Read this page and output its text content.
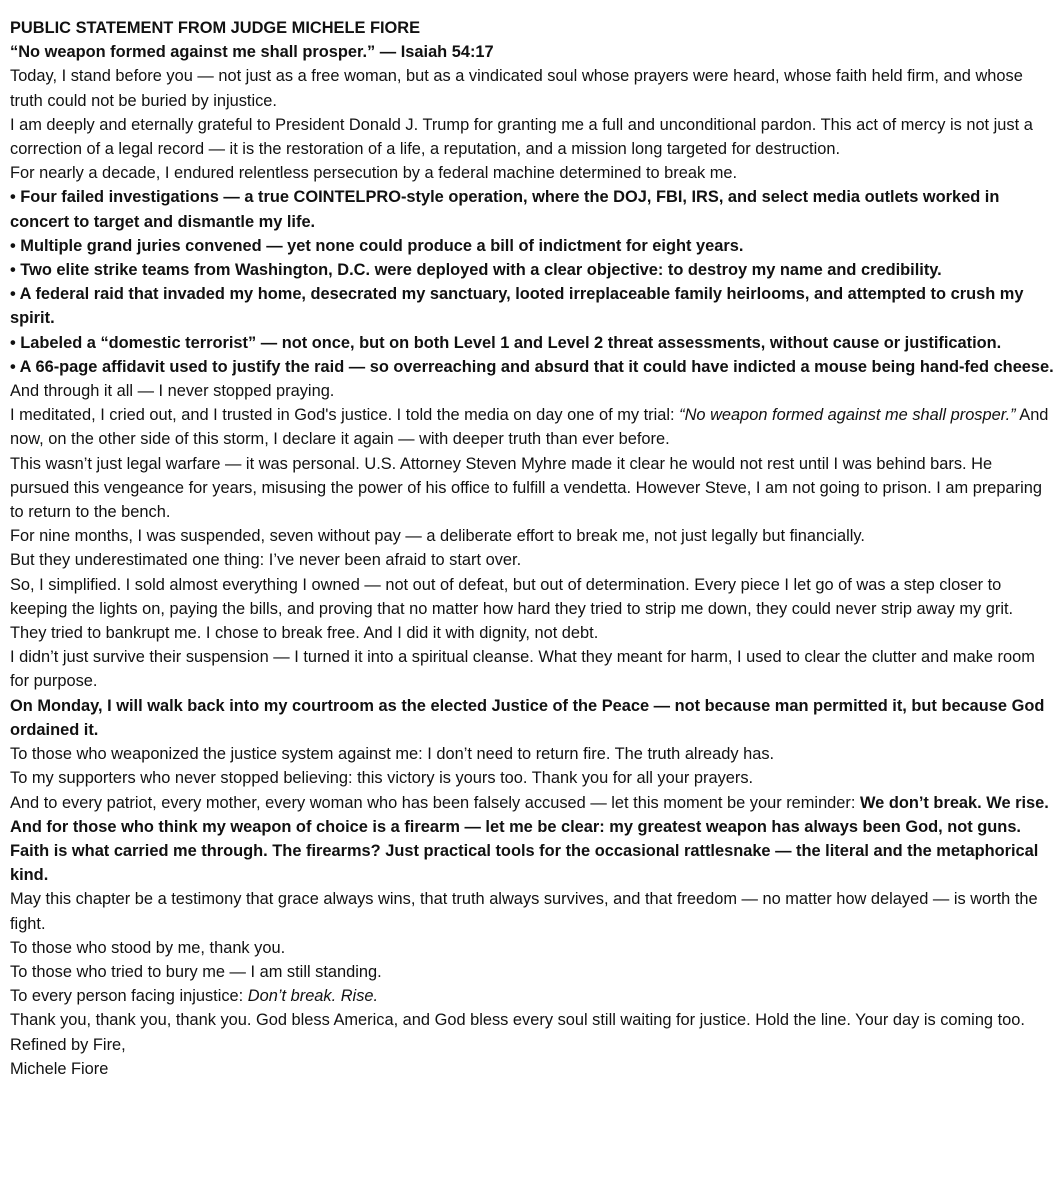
PUBLIC STATEMENT FROM JUDGE MICHELE FIORE

“No weapon formed against me shall prosper.” — Isaiah 54:17

Today, I stand before you — not just as a free woman, but as a vindicated soul whose prayers were heard, whose faith held firm, and whose truth could not be buried by injustice.

I am deeply and eternally grateful to President Donald J. Trump for granting me a full and unconditional pardon. This act of mercy is not just a correction of a legal record — it is the restoration of a life, a reputation, and a mission long targeted for destruction.

For nearly a decade, I endured relentless persecution by a federal machine determined to break me.

• Four failed investigations — a true COINTELPRO-style operation, where the DOJ, FBI, IRS, and select media outlets worked in concert to target and dismantle my life.

• Multiple grand juries convened — yet none could produce a bill of indictment for eight years.

• Two elite strike teams from Washington, D.C. were deployed with a clear objective: to destroy my name and credibility.

• A federal raid that invaded my home, desecrated my sanctuary, looted irreplaceable family heirlooms, and attempted to crush my spirit.

• Labeled a “domestic terrorist” — not once, but on both Level 1 and Level 2 threat assessments, without cause or justification.

• A 66-page affidavit used to justify the raid — so overreaching and absurd that it could have indicted a mouse being hand-fed cheese.

And through it all — I never stopped praying.

I meditated, I cried out, and I trusted in God's justice. I told the media on day one of my trial: “No weapon formed against me shall prosper.” And now, on the other side of this storm, I declare it again — with deeper truth than ever before.

This wasn’t just legal warfare — it was personal. U.S. Attorney Steven Myhre made it clear he would not rest until I was behind bars. He pursued this vengeance for years, misusing the power of his office to fulfill a vendetta. However Steve, I am not going to prison. I am preparing to return to the bench.

For nine months, I was suspended, seven without pay — a deliberate effort to break me, not just legally but financially.

But they underestimated one thing: I’ve never been afraid to start over.

So, I simplified. I sold almost everything I owned — not out of defeat, but out of determination. Every piece I let go of was a step closer to keeping the lights on, paying the bills, and proving that no matter how hard they tried to strip me down, they could never strip away my grit.

They tried to bankrupt me. I chose to break free. And I did it with dignity, not debt.

I didn’t just survive their suspension — I turned it into a spiritual cleanse. What they meant for harm, I used to clear the clutter and make room for purpose.

On Monday, I will walk back into my courtroom as the elected Justice of the Peace — not because man permitted it, but because God ordained it.

To those who weaponized the justice system against me: I don’t need to return fire. The truth already has.

To my supporters who never stopped believing: this victory is yours too. Thank you for all your prayers.

And to every patriot, every mother, every woman who has been falsely accused — let this moment be your reminder: We don’t break. We rise.

And for those who think my weapon of choice is a firearm — let me be clear: my greatest weapon has always been God, not guns. Faith is what carried me through. The firearms? Just practical tools for the occasional rattlesnake — the literal and the metaphorical kind.

May this chapter be a testimony that grace always wins, that truth always survives, and that freedom — no matter how delayed — is worth the fight.

To those who stood by me, thank you.

To those who tried to bury me — I am still standing.

To every person facing injustice: Don’t break. Rise.

Thank you, thank you, thank you. God bless America, and God bless every soul still waiting for justice. Hold the line. Your day is coming too.

Refined by Fire,

Michele Fiore
